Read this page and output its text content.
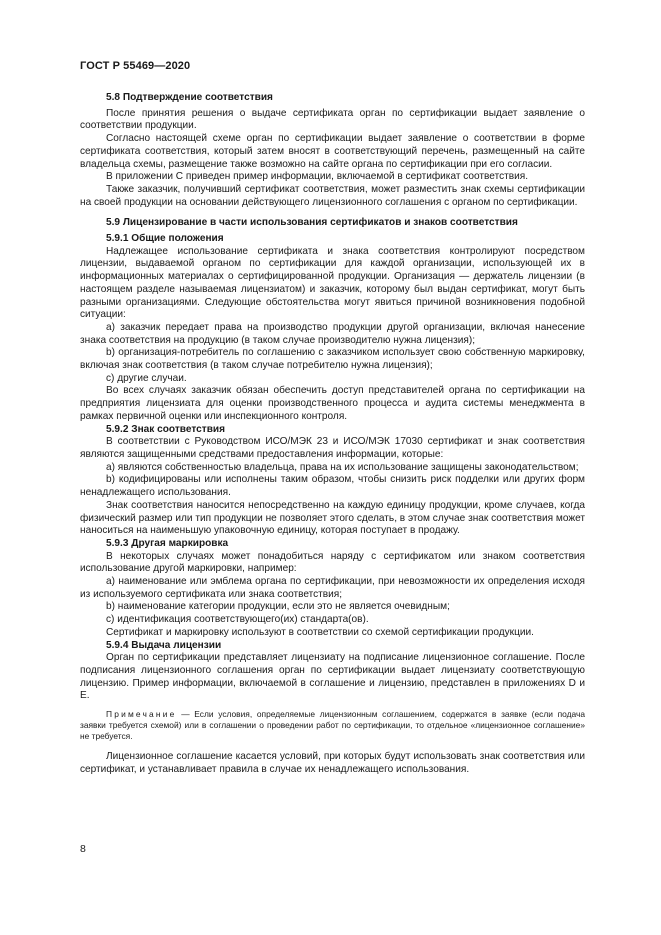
ГОСТ Р 55469—2020
5.8 Подтверждение соответствия

После принятия решения о выдаче сертификата орган по сертификации выдает заявление о соответствии продукции.

Согласно настоящей схеме орган по сертификации выдает заявление о соответствии в форме сертификата соответствия, который затем вносят в соответствующий перечень, размещенный на сайте владельца схемы, размещение также возможно на сайте органа по сертификации при его согласии.

В приложении С приведен пример информации, включаемой в сертификат соответствия.

Также заказчик, получивший сертификат соответствия, может разместить знак схемы сертификации на своей продукции на основании действующего лицензионного соглашения с органом по сертификации.

5.9 Лицензирование в части использования сертификатов и знаков соответствия
5.9.1 Общие положения

Надлежащее использование сертификата и знака соответствия контролируют посредством лицензии, выдаваемой органом по сертификации для каждой организации, использующей их в информационных материалах о сертифицированной продукции. Организация — держатель лицензии (в настоящем разделе называемая лицензиатом) и заказчик, которому был выдан сертификат, могут быть разными организациями. Следующие обстоятельства могут явиться причиной возникновения подобной ситуации:

а) заказчик передает права на производство продукции другой организации, включая нанесение знака соответствия на продукцию (в таком случае производителю нужна лицензия);

b) организация-потребитель по соглашению с заказчиком использует свою собственную маркировку, включая знак соответствия (в таком случае потребителю нужна лицензия);

c) другие случаи.

Во всех случаях заказчик обязан обеспечить доступ представителей органа по сертификации на предприятия лицензиата для оценки производственного процесса и аудита системы менеджмента в рамках первичной оценки или инспекционного контроля.

5.9.2 Знак соответствия

В соответствии с Руководством ИСО/МЭК 23 и ИСО/МЭК 17030 сертификат и знак соответствия являются защищенными средствами предоставления информации, которые:

а) являются собственностью владельца, права на их использование защищены законодательством;

b) кодифицированы или исполнены таким образом, чтобы снизить риск подделки или других форм ненадлежащего использования.

Знак соответствия наносится непосредственно на каждую единицу продукции, кроме случаев, когда физический размер или тип продукции не позволяет этого сделать, в этом случае знак соответствия может наноситься на наименьшую упаковочную единицу, которая поступает в продажу.

5.9.3 Другая маркировка

В некоторых случаях может понадобиться наряду с сертификатом или знаком соответствия использование другой маркировки, например:

а) наименование или эмблема органа по сертификации, при невозможности их определения исходя из используемого сертификата или знака соответствия;

b) наименование категории продукции, если это не является очевидным;

c) идентификация соответствующего(их) стандарта(ов).

Сертификат и маркировку используют в соответствии со схемой сертификации продукции.

5.9.4 Выдача лицензии

Орган по сертификации представляет лицензиату на подписание лицензионное соглашение. После подписания лицензионного соглашения орган по сертификации выдает лицензиату соответствующую лицензию. Пример информации, включаемой в соглашение и лицензию, представлен в приложениях D и E.

Примечание — Если условия, определяемые лицензионным соглашением, содержатся в заявке (если подача заявки требуется схемой) или в соглашении о проведении работ по сертификации, то отдельное «лицензионное соглашение» не требуется.

Лицензионное соглашение касается условий, при которых будут использовать знак соответствия или сертификат, и устанавливает правила в случае их ненадлежащего использования.

8
